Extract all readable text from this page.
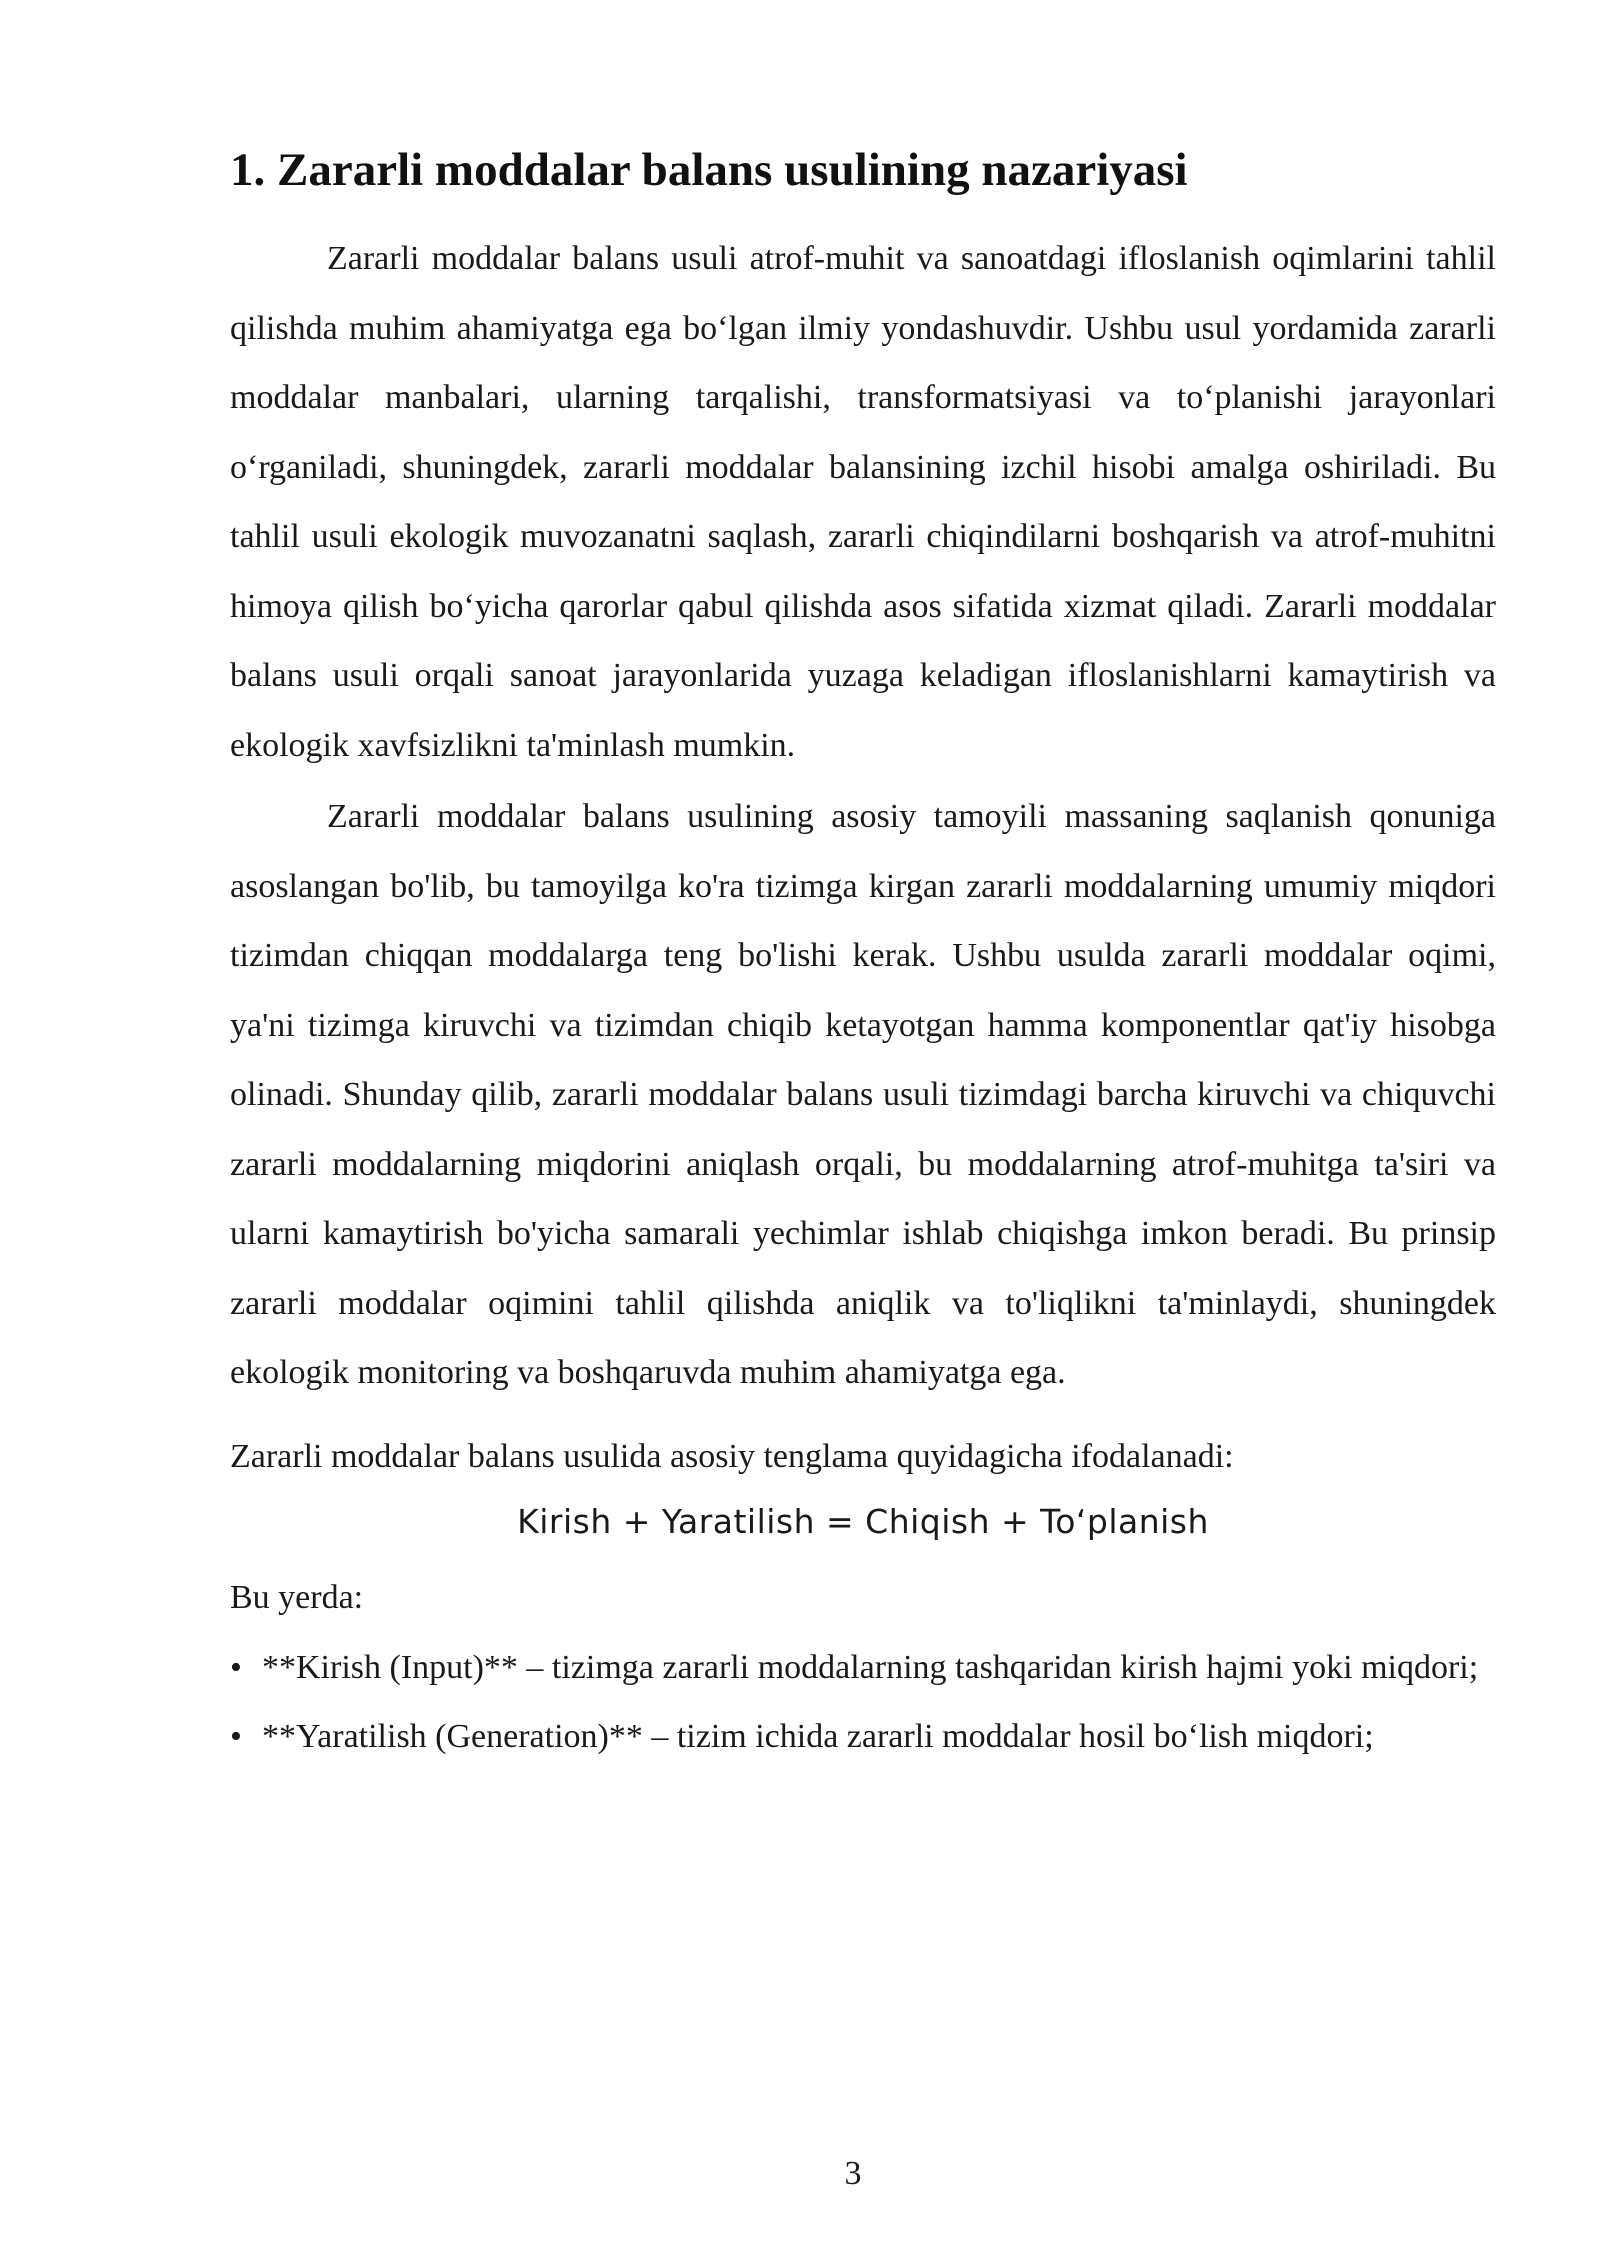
1. Zararli moddalar balans usulining nazariyasi

Zararli moddalar balans usuli atrof-muhit va sanoatdagi ifloslanish oqimlarini tahlil qilishda muhim ahamiyatga ega bo‘lgan ilmiy yondashuvdir. Ushbu usul yordamida zararli moddalar manbalari, ularning tarqalishi, transformatsiyasi va to‘planishi jarayonlari o‘rganiladi, shuningdek, zararli moddalar balansining izchil hisobi amalga oshiriladi. Bu tahlil usuli ekologik muvozanatni saqlash, zararli chiqindilarni boshqarish va atrof-muhitni himoya qilish bo‘yicha qarorlar qabul qilishda asos sifatida xizmat qiladi. Zararli moddalar balans usuli orqali sanoat jarayonlarida yuzaga keladigan ifloslanishlarni kamaytirish va ekologik xavfsizlikni ta'minlash mumkin.

Zararli moddalar balans usulining asosiy tamoyili massaning saqlanish qonuniga asoslangan bo'lib, bu tamoyilga ko'ra tizimga kirgan zararli moddalarning umumiy miqdori tizimdan chiqqan moddalarga teng bo'lishi kerak. Ushbu usulda zararli moddalar oqimi, ya'ni tizimga kiruvchi va tizimdan chiqib ketayotgan hamma komponentlar qat'iy hisobga olinadi. Shunday qilib, zararli moddalar balans usuli tizimdagi barcha kiruvchi va chiquvchi zararli moddalarning miqdorini aniqlash orqali, bu moddalarning atrof-muhitga ta'siri va ularni kamaytirish bo'yicha samarali yechimlar ishlab chiqishga imkon beradi. Bu prinsip zararli moddalar oqimini tahlil qilishda aniqlik va to'liqlikni ta'minlaydi, shuningdek ekologik monitoring va boshqaruvda muhim ahamiyatga ega.

Zararli moddalar balans usulida asosiy tenglama quyidagicha ifodalanadi:

Kirish + Yaratilish = Chiqish + To‘planish

Bu yerda:

• **Kirish (Input)** – tizimga zararli moddalarning tashqaridan kirish hajmi yoki miqdori;
• **Yaratilish (Generation)** – tizim ichida zararli moddalar hosil bo‘lish miqdori;
3
